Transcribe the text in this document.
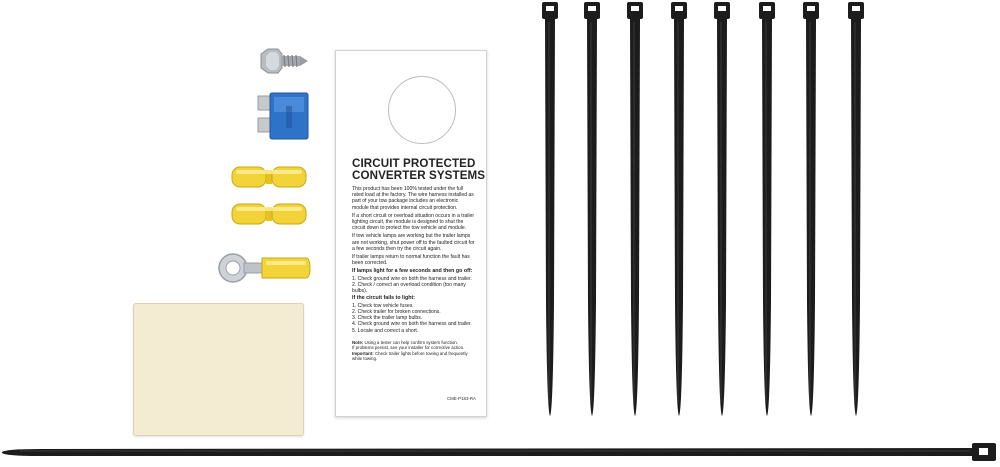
CIRCUIT PROTECTED
CONVERTER SYSTEMS

This product has been 100% tested under the full rated load at the factory. The wire harness installed as part of your tow package includes an electronic module that provides internal circuit protection.

If a short circuit or overload situation occurs in a trailer lighting circuit, the module is designed to shut the circuit down to protect the tow vehicle and module.

If tow vehicle lamps are working but the trailer lamps are not working, shut power off to the faulted circuit for a few seconds then try the circuit again.

If trailer lamps return to normal function the fault has been corrected.

If lamps light for a few seconds and then go off:

1. Check ground wire on both the harness and trailer.

2. Check / correct an overload condition (too many bulbs).

If the circuit fails to light:

1. Check tow vehicle fuses.

2. Check trailer for broken connections.

3. Check the trailer lamp bulbs.

4. Check ground wire on both the harness and trailer.

5. Locate and correct a short.

Note: Using a tester can help confirm system function.

If problems persist, see your installer for corrective action.

Important: Check trailer lights before towing and frequently while towing.

CME-P183-RA
